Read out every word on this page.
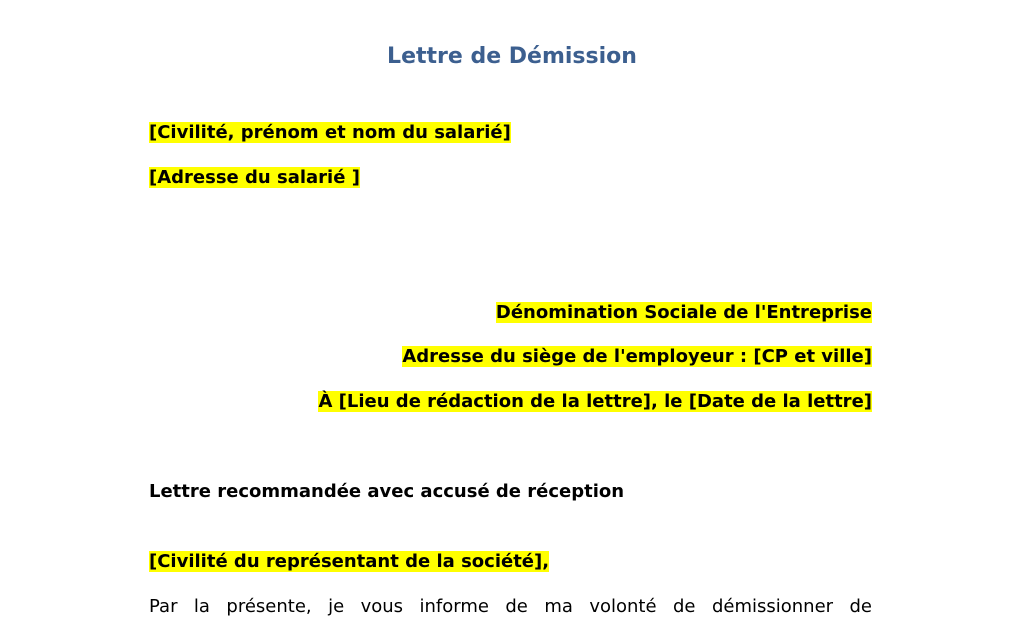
Lettre de Démission
[Civilité, prénom et nom du salarié]
[Adresse du salarié ]
Dénomination Sociale de l'Entreprise
Adresse du siège de l'employeur : [CP et ville]
À [Lieu de rédaction de la lettre], le [Date de la lettre]
Lettre recommandée avec accusé de réception
[Civilité du représentant de la société],
Par la présente, je vous informe de ma volonté de démissionner de
